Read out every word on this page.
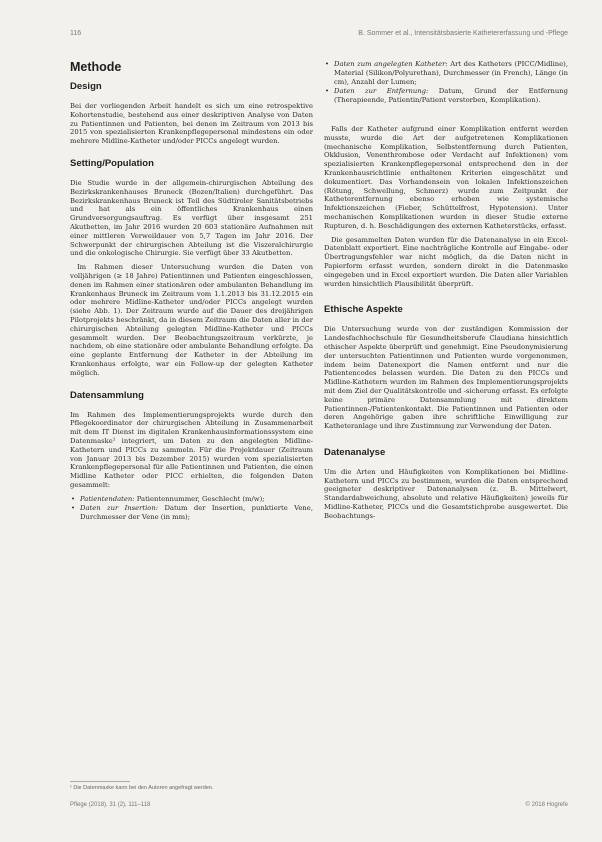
116	B. Sommer et al., Intensitätsbasierte Kathetererfassung und -Pflege
Methode
Design

Bei der vorliegenden Arbeit handelt es sich um eine retrospektive Kohortenstudie, bestehend aus einer deskriptiven Analyse von Daten zu Patientinnen und Patienten, bei denen im Zeitraum von 2013 bis 2015 von spezialisierten Krankenpflegepersonal mindestens ein oder mehrere Midline-Katheter und/oder PICCs angelegt wurden.

Setting/Population

Die Studie wurde in der allgemein-chirurgischen Abteilung des Bezirkskrankenhauses Bruneck (Bozen/Italien) durchgeführt. Das Bezirkskrankenhaus Bruneck ist Teil des Südtiroler Sanitätsbetriebs und hat als ein öffentliches Krankenhaus einen Grundversorgungsauftrag. Es verfügt über insgesamt 251 Akutbetten, im Jahr 2016 wurden 20 603 stationäre Aufnahmen mit einer mittleren Verweildauer von 5,7 Tagen im Jahr 2016. Der Schwerpunkt der chirurgischen Abteilung ist die Viszeralchirurgie und die onkologische Chirurgie. Sie verfügt über 33 Akutbetten.

Im Rahmen dieser Untersuchung wurden die Daten von volljährigen (≥ 18 Jahre) Patientinnen und Patienten eingeschlossen, denen im Rahmen einer stationären oder ambulanten Behandlung im Krankenhaus Bruneck im Zeitraum vom 1.1.2013 bis 31.12.2015 ein oder mehrere Midline-Katheter und/oder PICCs angelegt wurden (siehe Abb. 1). Der Zeitraum wurde auf die Dauer des dreijährigen Pilotprojekts beschränkt, da in diesem Zeitraum die Daten aller in der chirurgischen Abteilung gelegten Midline-Katheter und PICCs gesammelt wurden. Der Beobachtungszeitraum verkürzte, je nachdem, ob eine stationäre oder ambulante Behandlung erfolgte. Da eine geplante Entfernung der Katheter in der Abteilung im Krankenhaus erfolgte, war ein Follow-up der gelegten Katheter möglich.

Datensammlung

Im Rahmen des Implementierungsprojekts wurde durch den Pflegekoordinator der chirurgischen Abteilung in Zusammenarbeit mit dem IT Dienst im digitalen Krankenhausinformationssystem eine Datenmaske¹ integriert, um Daten zu den angelegten Midline-Kathetern und PICCs zu sammeln. Für die Projektdauer (Zeitraum von Januar 2013 bis Dezember 2015) wurden vom spezialisierten Krankenpflegepersonal für alle Patientinnen und Patienten, die einen Midline Katheter oder PICC erhielten, die folgenden Daten gesammelt:

• Patientendaten: Patientennummer, Geschlecht (m/w);
• Daten zur Insertion: Datum der Insertion, punktierte Vene, Durchmesser der Vene (in mm);
• Daten zum angelegten Katheter: Art des Katheters (PICC/Midline), Material (Silikon/Polyurethan), Durchmesser (in French), Länge (in cm), Anzahl der Lumen;
• Daten zur Entfernung: Datum, Grund der Entfernung (Therapieende, Patientin/Patient verstorben, Komplikation).

Falls der Katheter aufgrund einer Komplikation entfernt werden musste, wurde die Art der aufgetretenen Komplikationen (mechanische Komplikation, Selbstentfernung durch Patienten, Okklusion, Venenthrombose oder Verdacht auf Infektionen) vom spezialisierten Krankenpflegepersonal entsprechend den in der Krankenhausrichtlinie enthaltenen Kriterien eingeschätzt und dokumentiert. Das Vorhandensein von lokalen Infektionszeichen (Rötung, Schwellung, Schmerz) wurde zum Zeitpunkt der Katheterentfernung ebenso erhoben wie systemische Infektionszeichen (Fieber, Schüttelfrost, Hypotension). Unter mechanischen Komplikationen wurden in dieser Studie externe Rupturen, d. h. Beschädigungen des externen Katheterstücks, erfasst.

Die gesammelten Daten wurden für die Datenanalyse in ein Excel-Datenblatt exportiert. Eine nachträgliche Kontrolle auf Eingabe- oder Übertragungsfehler war nicht möglich, da die Daten nicht in Papierform erfasst wurden, sondern direkt in die Datenmaske eingegeben und in Excel exportiert wurden. Die Daten aller Variablen wurden hinsichtlich Plausibilität überprüft.

Ethische Aspekte

Die Untersuchung wurde von der zuständigen Kommission der Landesfachhochschule für Gesundheitsberufe Claudiana hinsichtlich ethischer Aspekte überprüft und genehmigt. Eine Pseudonymisierung der untersuchten Patientinnen und Patienten wurde vorgenommen, indem beim Datenexport die Namen entfernt und nur die Patientencodes belassen wurden. Die Daten zu den PICCs und Midline-Kathetern wurden im Rahmen des Implementierungsprojekts mit dem Ziel der Qualitätskontrolle und -sicherung erfasst. Es erfolgte keine primäre Datensammlung mit direktem Patientinnen-/Patientenkontakt. Die Patientinnen und Patienten oder deren Angehörige gaben ihre schriftliche Einwilligung zur Katheteranlage und ihre Zustimmung zur Verwendung der Daten.

Datenanalyse

Um die Arten und Häufigkeiten von Komplikationen bei Midline-Kathetern und PICCs zu bestimmen, wurden die Daten entsprechend geeigneter deskriptiver Datenanalysen (z. B. Mittelwert, Standardabweichung, absolute und relative Häufigkeiten) jeweils für Midline-Katheter, PICCs und die Gesamtstichprobe ausgewertet. Die Beobachtungs-

¹ Die Datenmaske kann bei den Autoren angefragt werden.
Pflege (2018), 31 (2), 111–118	© 2018 Hogrefe
